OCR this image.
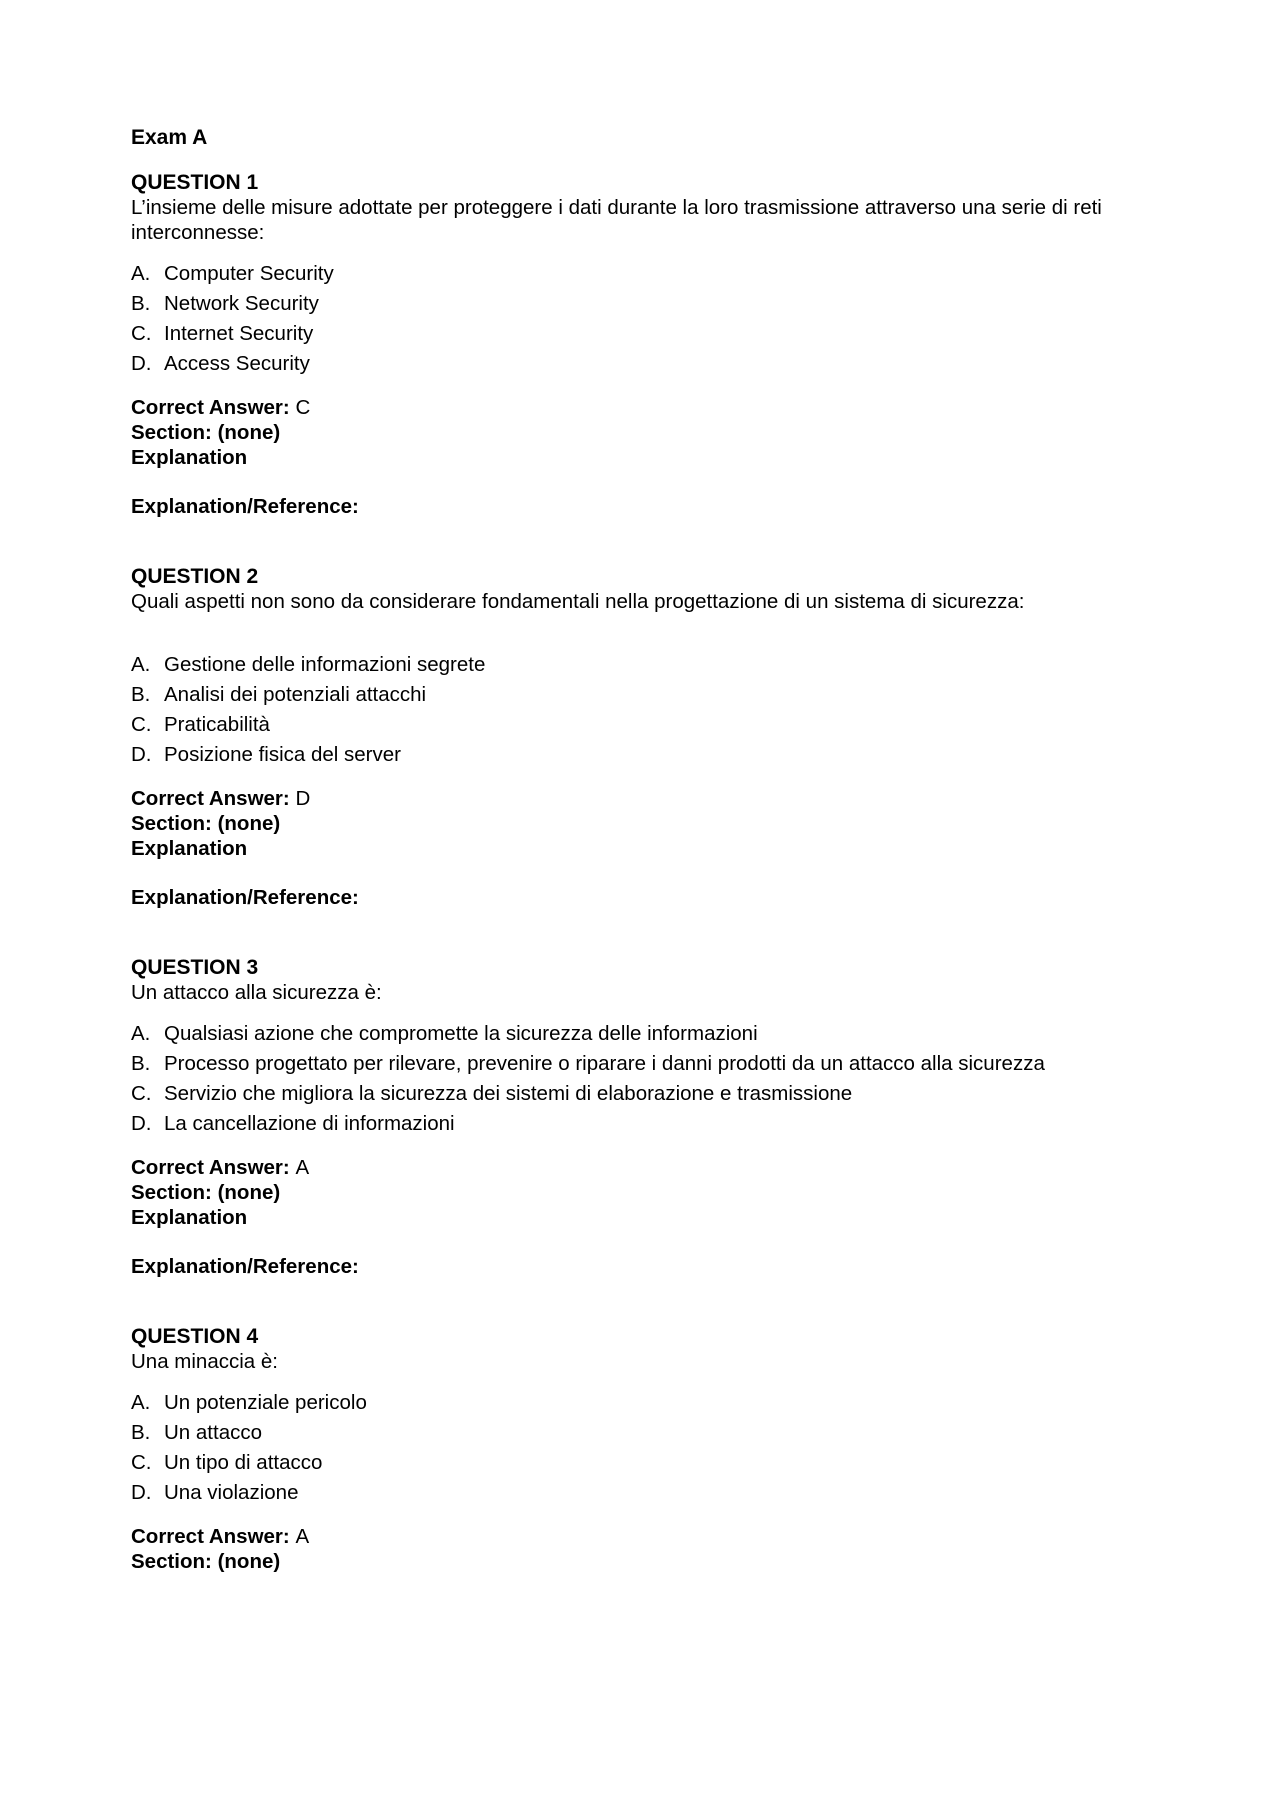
Exam A
QUESTION 1
L’insieme delle misure adottate per proteggere i dati durante la loro trasmissione attraverso una serie di reti interconnesse:
A. Computer Security
B. Network Security
C. Internet Security
D. Access Security
Correct Answer: C
Section: (none)
Explanation
Explanation/Reference:
QUESTION 2
Quali aspetti non sono da considerare fondamentali nella progettazione di un sistema di sicurezza:
A. Gestione delle informazioni segrete
B. Analisi dei potenziali attacchi
C. Praticabilità
D. Posizione fisica del server
Correct Answer: D
Section: (none)
Explanation
Explanation/Reference:
QUESTION 3
Un attacco alla sicurezza è:
A. Qualsiasi azione che compromette la sicurezza delle informazioni
B. Processo progettato per rilevare, prevenire o riparare i danni prodotti da un attacco alla sicurezza
C. Servizio che migliora la sicurezza dei sistemi di elaborazione e trasmissione
D. La cancellazione di informazioni
Correct Answer: A
Section: (none)
Explanation
Explanation/Reference:
QUESTION 4
Una minaccia è:
A. Un potenziale pericolo
B. Un attacco
C. Un tipo di attacco
D. Una violazione
Correct Answer: A
Section: (none)
